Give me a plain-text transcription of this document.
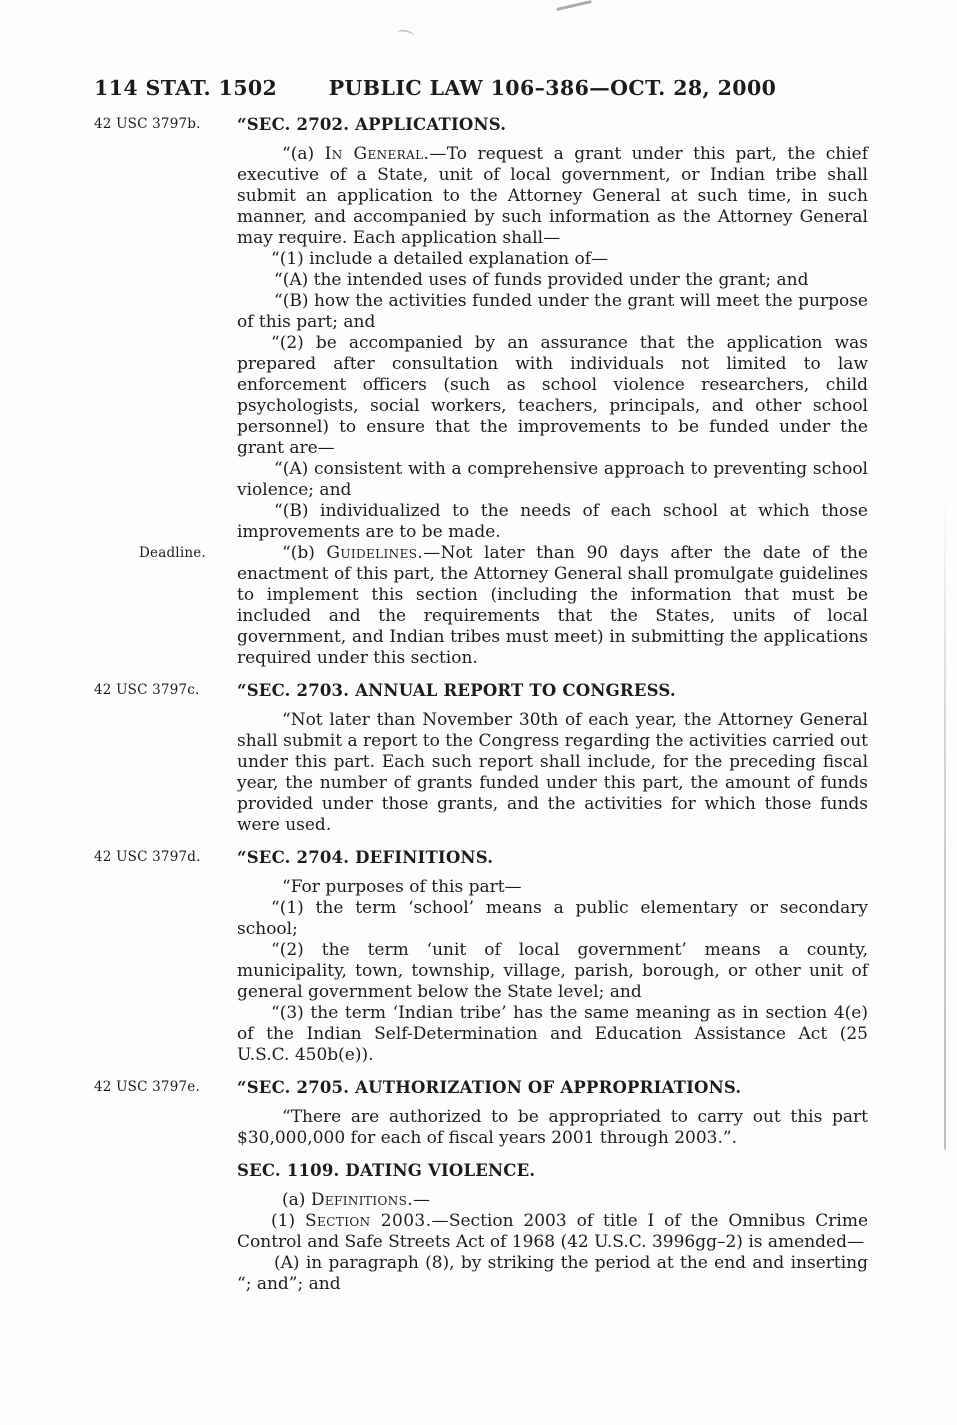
114 STAT. 1502	PUBLIC LAW 106–386—OCT. 28, 2000
42 USC 3797b.	“SEC. 2702. APPLICATIONS.

“(a) In General.—To request a grant under this part, the chief executive of a State, unit of local government, or Indian tribe shall submit an application to the Attorney General at such time, in such manner, and accompanied by such information as the Attorney General may require. Each application shall—

“(1) include a detailed explanation of—

“(A) the intended uses of funds provided under the grant; and

“(B) how the activities funded under the grant will meet the purpose of this part; and

“(2) be accompanied by an assurance that the application was prepared after consultation with individuals not limited to law enforcement officers (such as school violence researchers, child psychologists, social workers, teachers, principals, and other school personnel) to ensure that the improvements to be funded under the grant are—

“(A) consistent with a comprehensive approach to preventing school violence; and

“(B) individualized to the needs of each school at which those improvements are to be made.

Deadline.	“(b) Guidelines.—Not later than 90 days after the date of the enactment of this part, the Attorney General shall promulgate guidelines to implement this section (including the information that must be included and the requirements that the States, units of local government, and Indian tribes must meet) in submitting the applications required under this section.

42 USC 3797c.	“SEC. 2703. ANNUAL REPORT TO CONGRESS.

“Not later than November 30th of each year, the Attorney General shall submit a report to the Congress regarding the activities carried out under this part. Each such report shall include, for the preceding fiscal year, the number of grants funded under this part, the amount of funds provided under those grants, and the activities for which those funds were used.

42 USC 3797d.	“SEC. 2704. DEFINITIONS.

“For purposes of this part—

“(1) the term ‘school’ means a public elementary or secondary school;

“(2) the term ‘unit of local government’ means a county, municipality, town, township, village, parish, borough, or other unit of general government below the State level; and

“(3) the term ‘Indian tribe’ has the same meaning as in section 4(e) of the Indian Self-Determination and Education Assistance Act (25 U.S.C. 450b(e)).

42 USC 3797e.	“SEC. 2705. AUTHORIZATION OF APPROPRIATIONS.

“There are authorized to be appropriated to carry out this part $30,000,000 for each of fiscal years 2001 through 2003.”.

SEC. 1109. DATING VIOLENCE.

(a) Definitions.—

(1) Section 2003.—Section 2003 of title I of the Omnibus Crime Control and Safe Streets Act of 1968 (42 U.S.C. 3996gg–2) is amended—

(A) in paragraph (8), by striking the period at the end and inserting “; and”; and
